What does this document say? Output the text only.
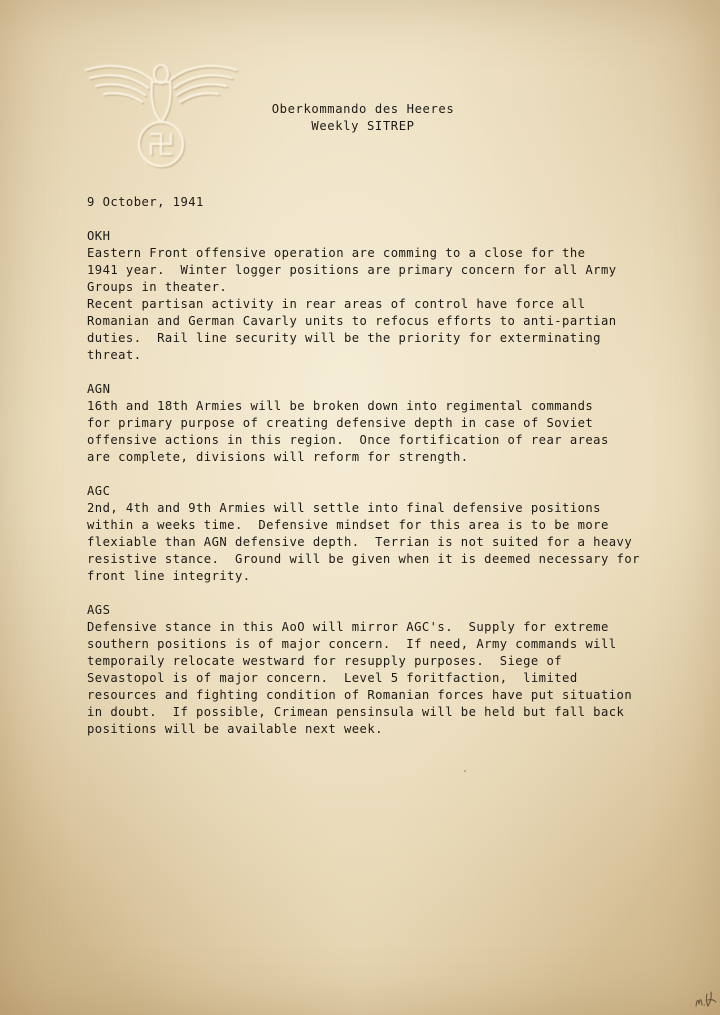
Oberkommando des Heeres
Weekly SITREP
9 October, 1941
OKH
Eastern Front offensive operation are comming to a close for the
1941 year.  Winter logger positions are primary concern for all Army
Groups in theater.
Recent partisan activity in rear areas of control have force all
Romanian and German Cavarly units to refocus efforts to anti-partian
duties.  Rail line security will be the priority for exterminating
threat.
AGN
16th and 18th Armies will be broken down into regimental commands
for primary purpose of creating defensive depth in case of Soviet
offensive actions in this region.  Once fortification of rear areas
are complete, divisions will reform for strength.
AGC
2nd, 4th and 9th Armies will settle into final defensive positions
within a weeks time.  Defensive mindset for this area is to be more
flexiable than AGN defensive depth.  Terrian is not suited for a heavy
resistive stance.  Ground will be given when it is deemed necessary for
front line integrity.
AGS
Defensive stance in this AoO will mirror AGC's.  Supply for extreme
southern positions is of major concern.  If need, Army commands will
temporaily relocate westward for resupply purposes.  Siege of
Sevastopol is of major concern.  Level 5 foritfaction,  limited
resources and fighting condition of Romanian forces have put situation
in doubt.  If possible, Crimean pensinsula will be held but fall back
positions will be available next week.
